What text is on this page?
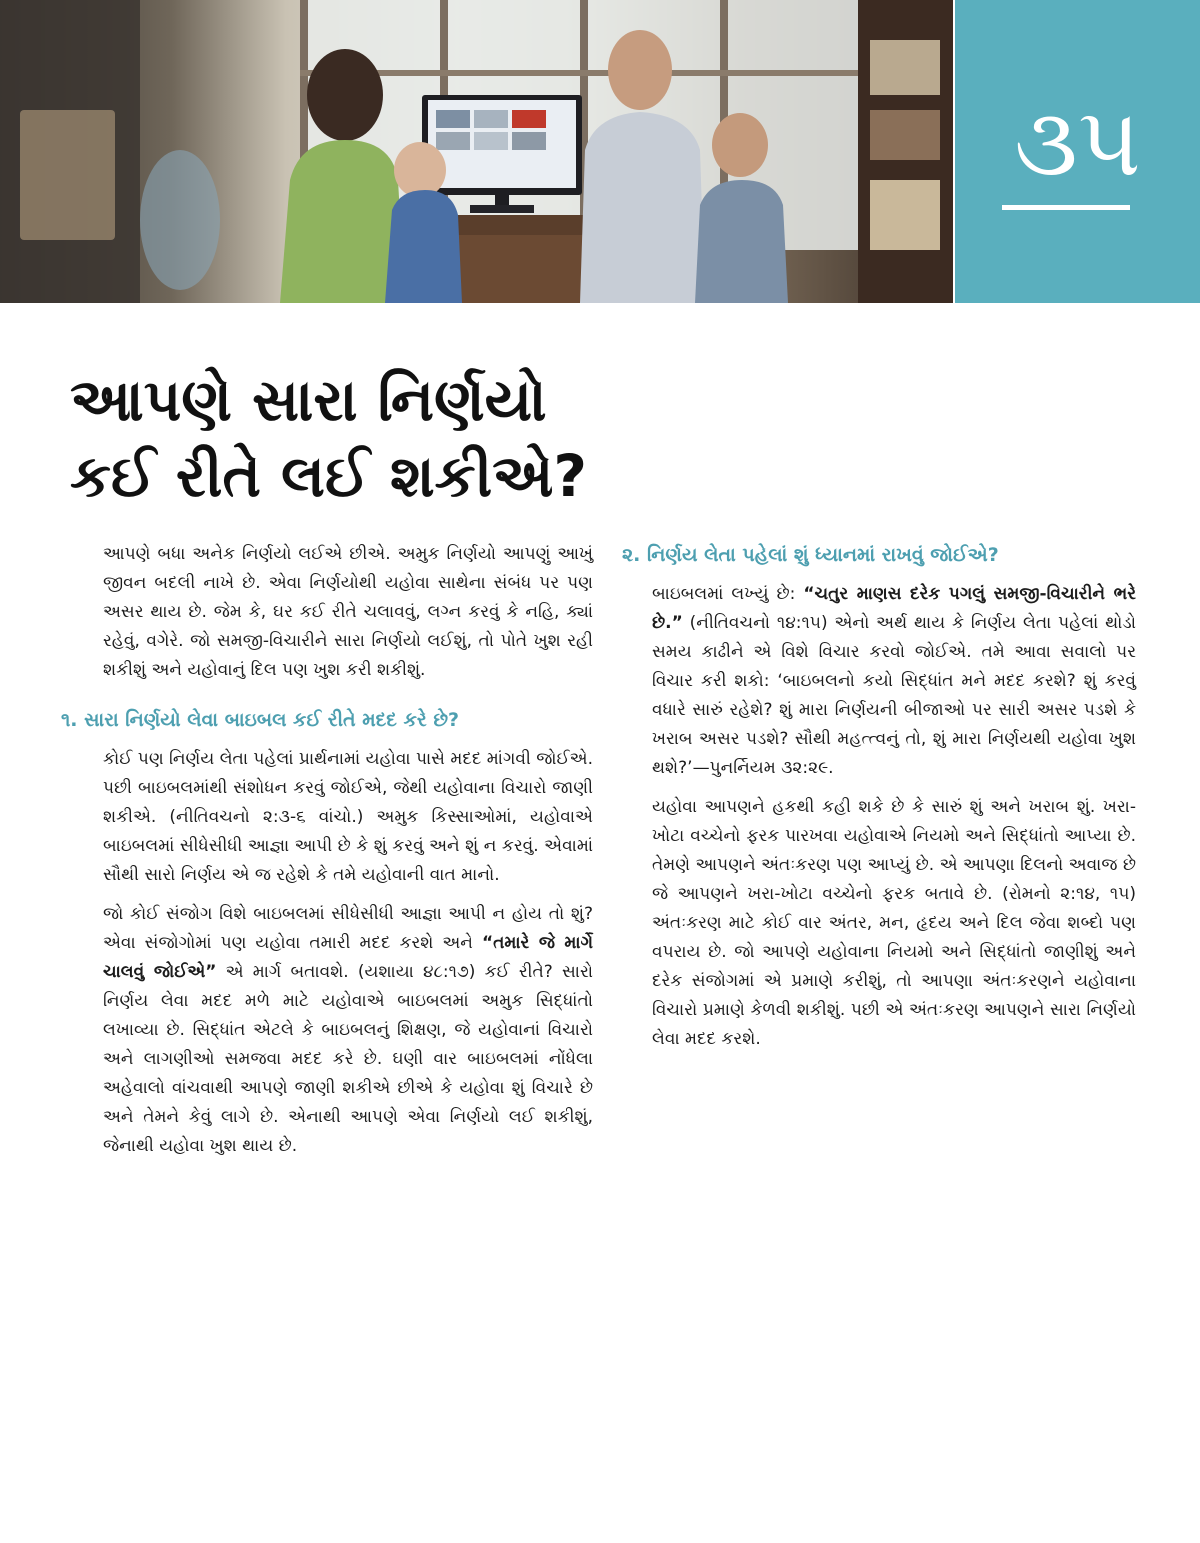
૩૫
આપણે સારા નિર્ણયો
કઈ રીતે લઈ શકીએ?

આપણે બધા અનેક નિર્ણયો લઈએ છીએ. અમુક નિર્ણયો આપણું આખું જીવન બદલી નાખે છે. એવા નિર્ણયોથી યહોવા સાથેના સંબંધ પર પણ અસર થાય છે. જેમ કે, ઘર કઈ રીતે ચલાવવું, લગ્ન કરવું કે નહિ, ક્યાં રહેવું, વગેરે. જો સમજી-વિચારીને સારા નિર્ણયો લઈશું, તો પોતે ખુશ રહી શકીશું અને યહોવાનું દિલ પણ ખુશ કરી શકીશું.

૧. સારા નિર્ણયો લેવા બાઇબલ કઈ રીતે મદદ કરે છે?

કોઈ પણ નિર્ણય લેતા પહેલાં પ્રાર્થનામાં યહોવા પાસે મદદ માંગવી જોઈએ. પછી બાઇબલમાંથી સંશોધન કરવું જોઈએ, જેથી યહોવાના વિચારો જાણી શકીએ. (નીતિવચનો ૨:૩-૬ વાંચો.) અમુક કિસ્સાઓમાં, યહોવાએ બાઇબલમાં સીધેસીધી આજ્ઞા આપી છે કે શું કરવું અને શું ન કરવું. એવામાં સૌથી સારો નિર્ણય એ જ રહેશે કે તમે યહોવાની વાત માનો.

જો કોઈ સંજોગ વિશે બાઇબલમાં સીધેસીધી આજ્ઞા આપી ન હોય તો શું? એવા સંજોગોમાં પણ યહોવા તમારી મદદ કરશે અને “તમારે જે માર્ગે ચાલવું જોઈએ” એ માર્ગ બતાવશે. (યશાયા ૪૮:૧૭) કઈ રીતે? સારો નિર્ણય લેવા મદદ મળે માટે યહોવાએ બાઇબલમાં અમુક સિદ્ધાંતો લખાવ્યા છે. સિદ્ધાંત એટલે કે બાઇબલનું શિક્ષણ, જે યહોવાનાં વિચારો અને લાગણીઓ સમજવા મદદ કરે છે. ઘણી વાર બાઇબલમાં નોંધેલા અહેવાલો વાંચવાથી આપણે જાણી શકીએ છીએ કે યહોવા શું વિચારે છે અને તેમને કેવું લાગે છે. એનાથી આપણે એવા નિર્ણયો લઈ શકીશું, જેનાથી યહોવા ખુશ થાય છે.

૨. નિર્ણય લેતા પહેલાં શું ધ્યાનમાં રાખવું જોઈએ?

બાઇબલમાં લખ્યું છે: “ચતુર માણસ દરેક પગલું સમજી-વિચારીને ભરે છે.” (નીતિવચનો ૧૪:૧૫) એનો અર્થ થાય કે નિર્ણય લેતા પહેલાં થોડો સમય કાઢીને એ વિશે વિચાર કરવો જોઈએ. તમે આવા સવાલો પર વિચાર કરી શકો: ‘બાઇબલનો કયો સિદ્ધાંત મને મદદ કરશે? શું કરવું વધારે સારું રહેશે? શું મારા નિર્ણયની બીજાઓ પર સારી અસર પડશે કે ખરાબ અસર પડશે? સૌથી મહત્ત્વનું તો, શું મારા નિર્ણયથી યહોવા ખુશ થશે?’—પુનર્નિયમ ૩૨:૨૯.

યહોવા આપણને હકથી કહી શકે છે કે સારું શું અને ખરાબ શું. ખરા-ખોટા વચ્ચેનો ફરક પારખવા યહોવાએ નિયમો અને સિદ્ધાંતો આપ્યા છે. તેમણે આપણને અંતઃકરણ પણ આપ્યું છે. એ આપણા દિલનો અવાજ છે જે આપણને ખરા-ખોટા વચ્ચેનો ફરક બતાવે છે. (રોમનો ૨:૧૪, ૧૫) અંતઃકરણ માટે કોઈ વાર અંતર, મન, હૃદય અને દિલ જેવા શબ્દો પણ વપરાય છે. જો આપણે યહોવાના નિયમો અને સિદ્ધાંતો જાણીશું અને દરેક સંજોગમાં એ પ્રમાણે કરીશું, તો આપણા અંતઃકરણને યહોવાના વિચારો પ્રમાણે કેળવી શકીશું. પછી એ અંતઃકરણ આપણને સારા નિર્ણયો લેવા મદદ કરશે.
